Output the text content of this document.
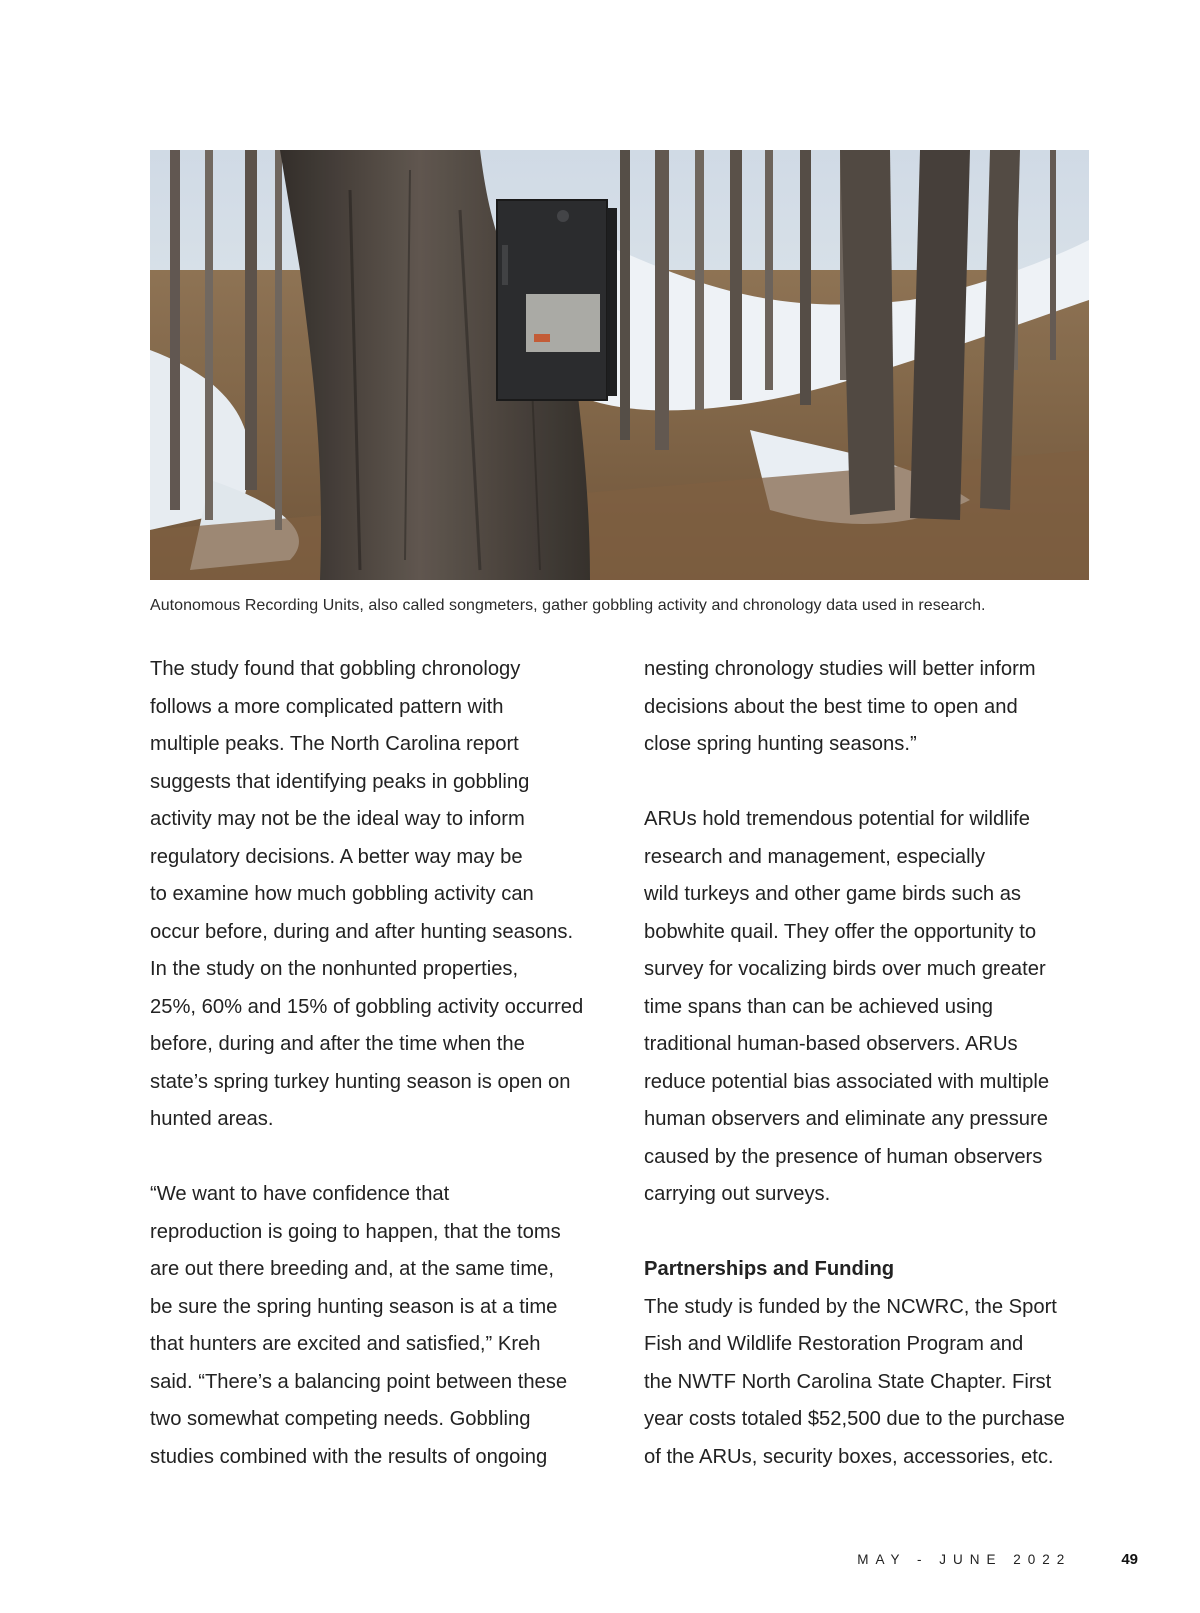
Autonomous Recording Units, also called songmeters, gather gobbling activity and chronology data used in research.

The study found that gobbling chronology
follows a more complicated pattern with
multiple peaks. The North Carolina report
suggests that identifying peaks in gobbling
activity may not be the ideal way to inform
regulatory decisions. A better way may be
to examine how much gobbling activity can
occur before, during and after hunting seasons.
In the study on the nonhunted properties,
25%, 60% and 15% of gobbling activity occurred
before, during and after the time when the
state’s spring turkey hunting season is open on
hunted areas.

“We want to have confidence that
reproduction is going to happen, that the toms
are out there breeding and, at the same time,
be sure the spring hunting season is at a time
that hunters are excited and satisfied,” Kreh
said. “There’s a balancing point between these
two somewhat competing needs. Gobbling
studies combined with the results of ongoing

nesting chronology studies will better inform
decisions about the best time to open and
close spring hunting seasons.”

ARUs hold tremendous potential for wildlife
research and management, especially
wild turkeys and other game birds such as
bobwhite quail. They offer the opportunity to
survey for vocalizing birds over much greater
time spans than can be achieved using
traditional human-based observers. ARUs
reduce potential bias associated with multiple
human observers and eliminate any pressure
caused by the presence of human observers
carrying out surveys.

Partnerships and Funding

The study is funded by the NCWRC, the Sport
Fish and Wildlife Restoration Program and
the NWTF North Carolina State Chapter. First
year costs totaled $52,500 due to the purchase
of the ARUs, security boxes, accessories, etc.

MAY - JUNE 2022	49
